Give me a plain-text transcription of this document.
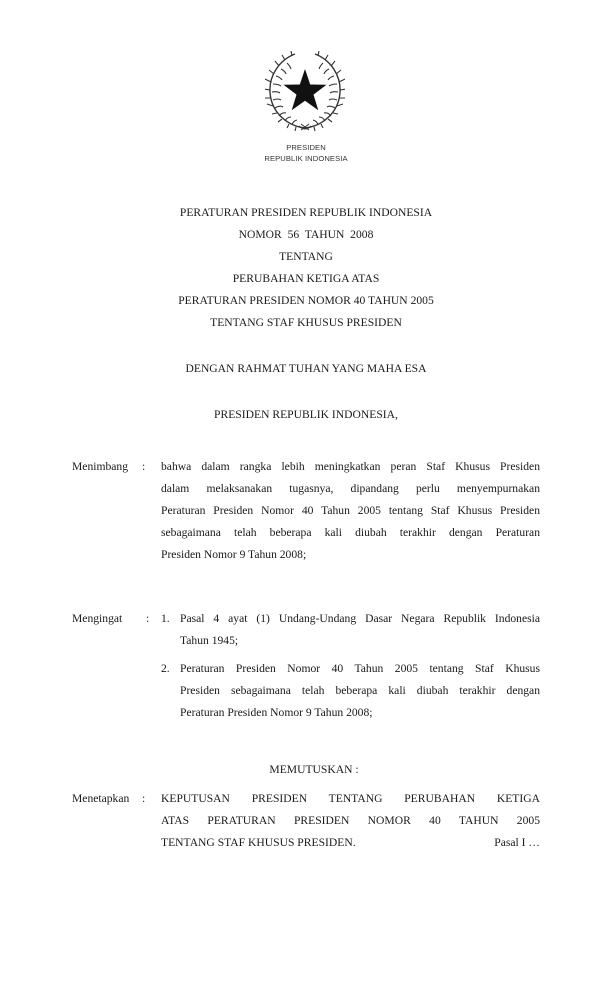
PRESIDEN
REPUBLIK INDONESIA
PERATURAN PRESIDEN REPUBLIK INDONESIA
NOMOR  56  TAHUN  2008
TENTANG
PERUBAHAN KETIGA ATAS
PERATURAN PRESIDEN NOMOR 40 TAHUN 2005
TENTANG STAF KHUSUS PRESIDEN
DENGAN RAHMAT TUHAN YANG MAHA ESA
PRESIDEN REPUBLIK INDONESIA,
Menimbang : bahwa dalam rangka lebih meningkatkan peran Staf Khusus Presiden
dalam melaksanakan tugasnya, dipandang perlu menyempurnakan
Peraturan Presiden Nomor 40 Tahun 2005 tentang Staf Khusus Presiden
sebagaimana telah beberapa kali diubah terakhir dengan Peraturan
Presiden Nomor 9 Tahun 2008;
Mengingat : 1. Pasal 4 ayat (1) Undang-Undang Dasar Negara Republik Indonesia
Tahun 1945;
2. Peraturan Presiden Nomor 40 Tahun 2005 tentang Staf Khusus
Presiden sebagaimana telah beberapa kali diubah terakhir dengan
Peraturan Presiden Nomor 9 Tahun 2008;
MEMUTUSKAN :
Menetapkan : KEPUTUSAN PRESIDEN TENTANG PERUBAHAN KETIGA
ATAS PERATURAN PRESIDEN NOMOR 40 TAHUN 2005
TENTANG STAF KHUSUS PRESIDEN.	Pasal I …
